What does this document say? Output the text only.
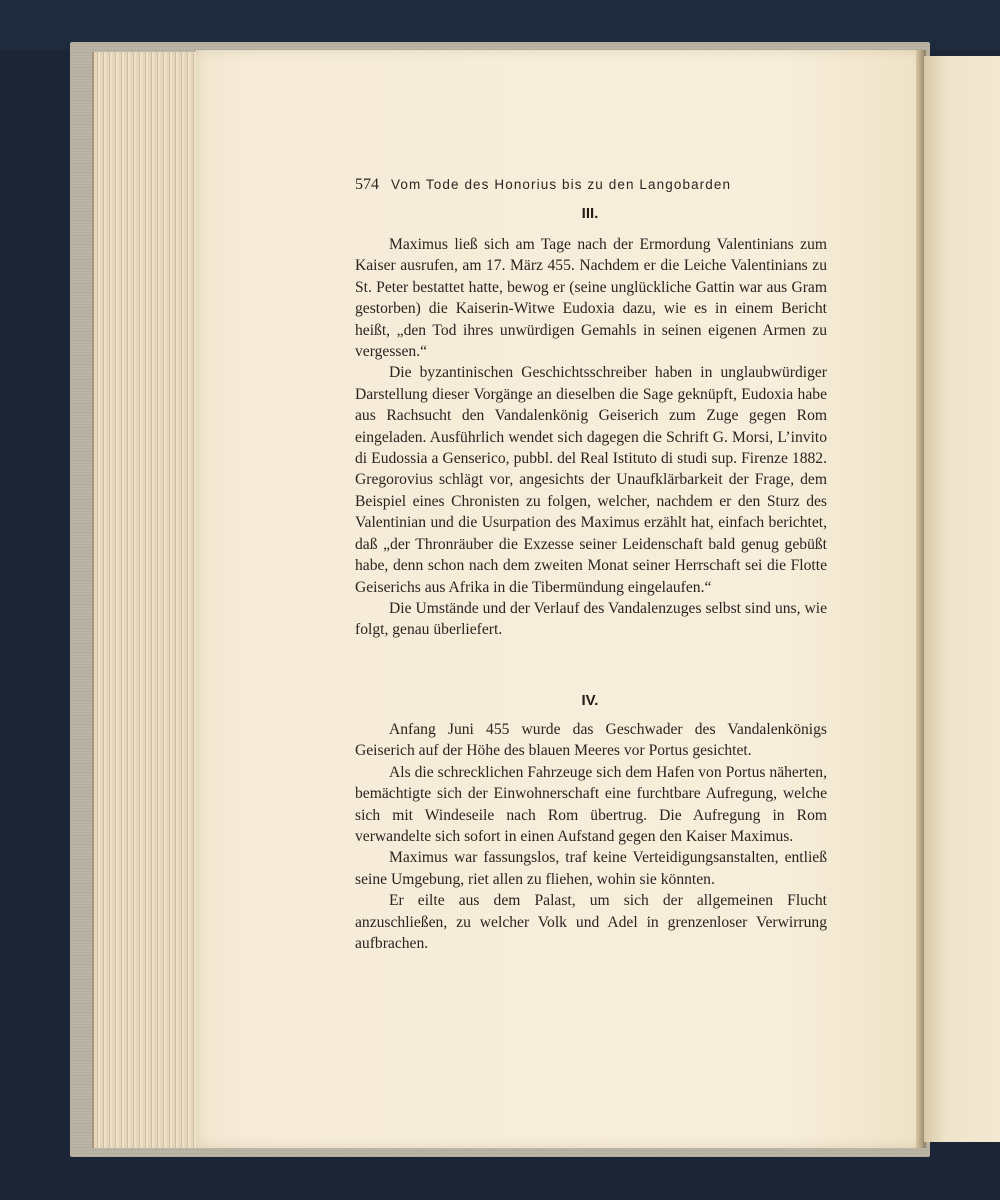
574 Vom Tode des Honorius bis zu den Langobarden
III.

Maximus ließ sich am Tage nach der Ermordung Valentinians zum Kaiser ausrufen, am 17. März 455. Nachdem er die Leiche Valentinians zu St. Peter bestattet hatte, bewog er (seine unglückliche Gattin war aus Gram gestorben) die Kaiserin-Witwe Eudoxia dazu, wie es in einem Bericht heißt, „den Tod ihres unwürdigen Gemahls in seinen eigenen Armen zu vergessen.“

Die byzantinischen Geschichtsschreiber haben in unglaubwürdiger Darstellung dieser Vorgänge an dieselben die Sage geknüpft, Eudoxia habe aus Rachsucht den Vandalenkönig Geiserich zum Zuge gegen Rom eingeladen. Ausführlich wendet sich dagegen die Schrift G. Morsi, L’invito di Eudossia a Genserico, pubbl. del Real Istituto di studi sup. Firenze 1882. Gregorovius schlägt vor, angesichts der Unaufklärbarkeit der Frage, dem Beispiel eines Chronisten zu folgen, welcher, nachdem er den Sturz des Valentinian und die Usurpation des Maximus erzählt hat, einfach berichtet, daß „der Thronräuber die Exzesse seiner Leidenschaft bald genug gebüßt habe, denn schon nach dem zweiten Monat seiner Herrschaft sei die Flotte Geiserichs aus Afrika in die Tibermündung eingelaufen.“

Die Umstände und der Verlauf des Vandalenzuges selbst sind uns, wie folgt, genau überliefert.

IV.

Anfang Juni 455 wurde das Geschwader des Vandalenkönigs Geiserich auf der Höhe des blauen Meeres vor Portus gesichtet.

Als die schrecklichen Fahrzeuge sich dem Hafen von Portus näherten, bemächtigte sich der Einwohnerschaft eine furchtbare Aufregung, welche sich mit Windeseile nach Rom übertrug. Die Aufregung in Rom verwandelte sich sofort in einen Aufstand gegen den Kaiser Maximus.

Maximus war fassungslos, traf keine Verteidigungsanstalten, entließ seine Umgebung, riet allen zu fliehen, wohin sie könnten.

Er eilte aus dem Palast, um sich der allgemeinen Flucht anzuschließen, zu welcher Volk und Adel in grenzenloser Verwirrung aufbrachen.
